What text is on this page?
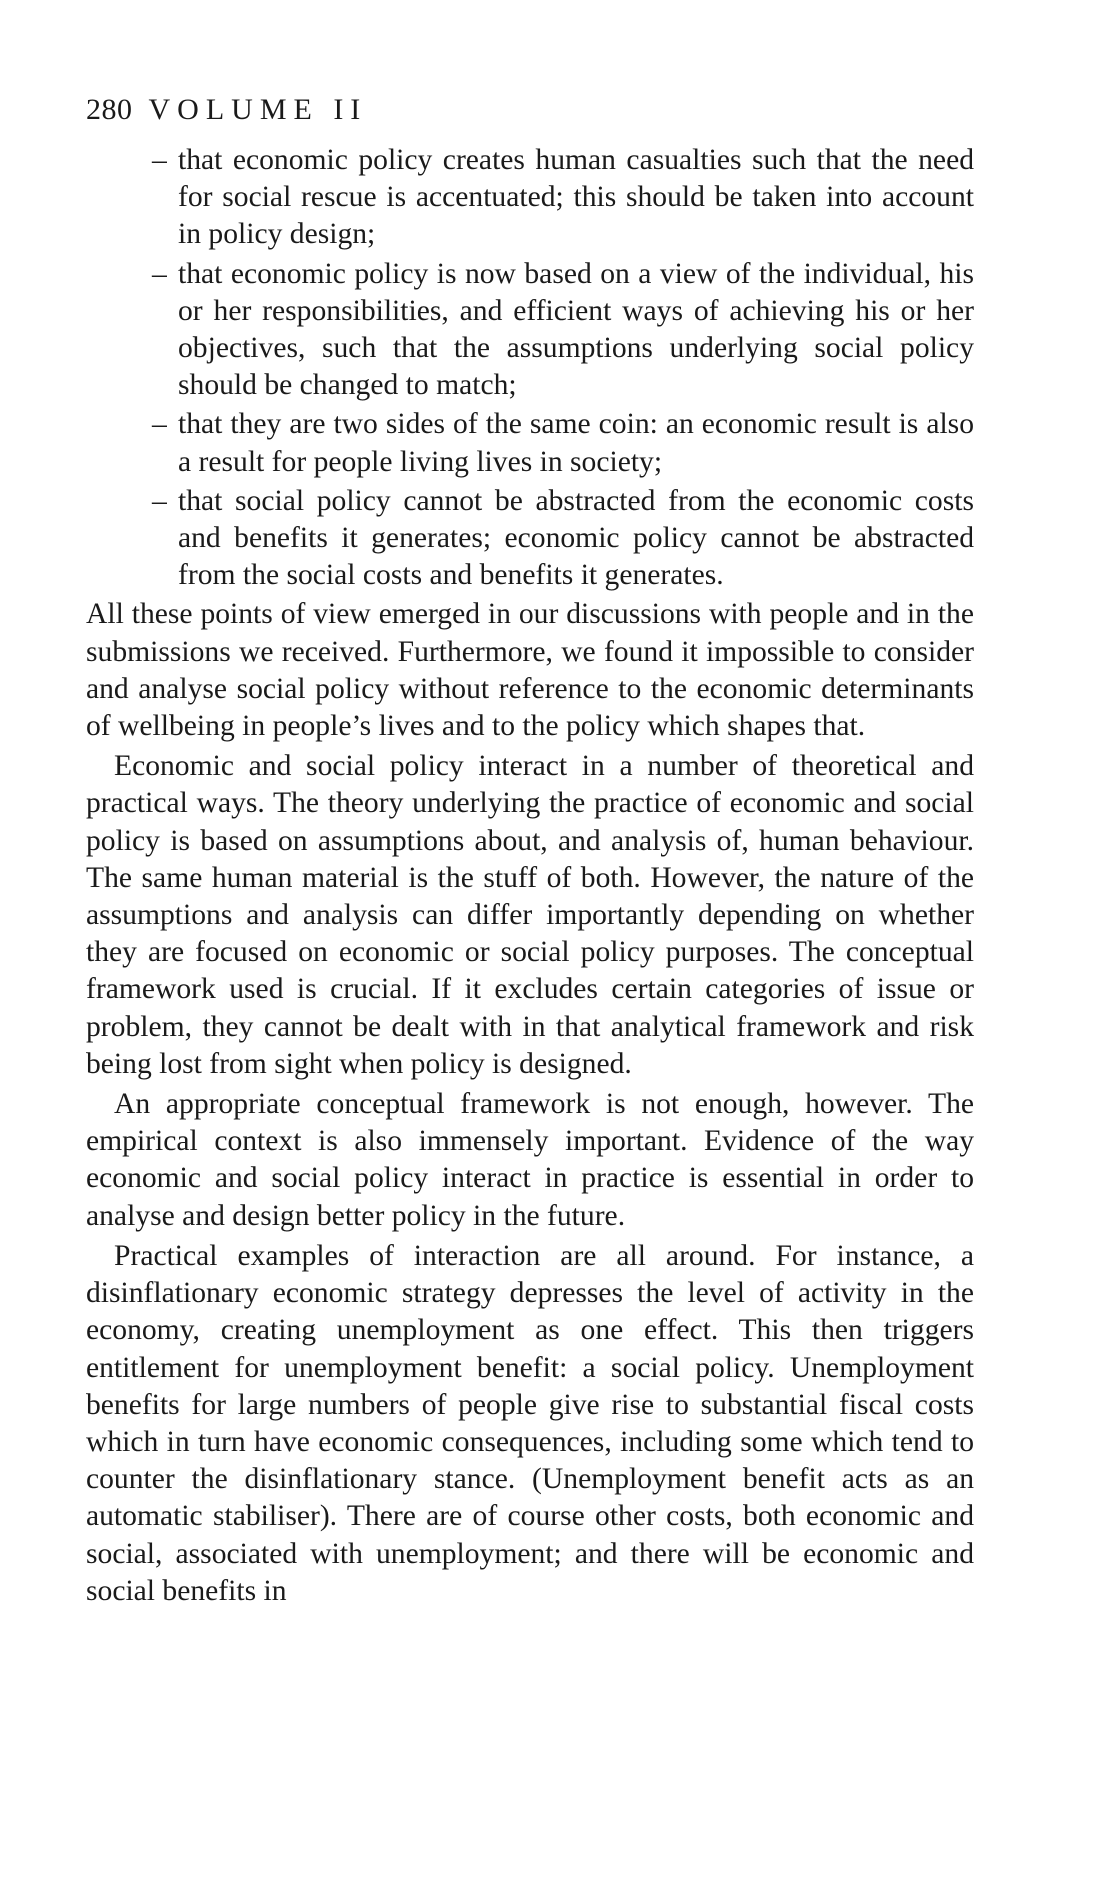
280 VOLUME II
– that economic policy creates human casualties such that the need for social rescue is accentuated; this should be taken into account in policy design;
– that economic policy is now based on a view of the individual, his or her responsibilities, and efficient ways of achieving his or her objectives, such that the assumptions underlying social policy should be changed to match;
– that they are two sides of the same coin: an economic result is also a result for people living lives in society;
– that social policy cannot be abstracted from the economic costs and benefits it generates; economic policy cannot be abstracted from the social costs and benefits it generates.

All these points of view emerged in our discussions with people and in the submissions we received. Furthermore, we found it impossible to consider and analyse social policy without reference to the economic determinants of wellbeing in people’s lives and to the policy which shapes that.

Economic and social policy interact in a number of theoretical and practical ways. The theory underlying the practice of economic and social policy is based on assumptions about, and analysis of, human behaviour. The same human material is the stuff of both. However, the nature of the assumptions and analysis can differ importantly depending on whether they are focused on economic or social policy purposes. The conceptual framework used is crucial. If it excludes certain categories of issue or problem, they cannot be dealt with in that analytical framework and risk being lost from sight when policy is designed.

An appropriate conceptual framework is not enough, however. The empirical context is also immensely important. Evidence of the way economic and social policy interact in practice is essential in order to analyse and design better policy in the future.

Practical examples of interaction are all around. For instance, a disinflationary economic strategy depresses the level of activity in the economy, creating unemployment as one effect. This then triggers entitlement for unemployment benefit: a social policy. Unemployment benefits for large numbers of people give rise to substantial fiscal costs which in turn have economic consequences, including some which tend to counter the disinflationary stance. (Unemployment benefit acts as an automatic stabiliser). There are of course other costs, both economic and social, associated with unemployment; and there will be economic and social benefits in
